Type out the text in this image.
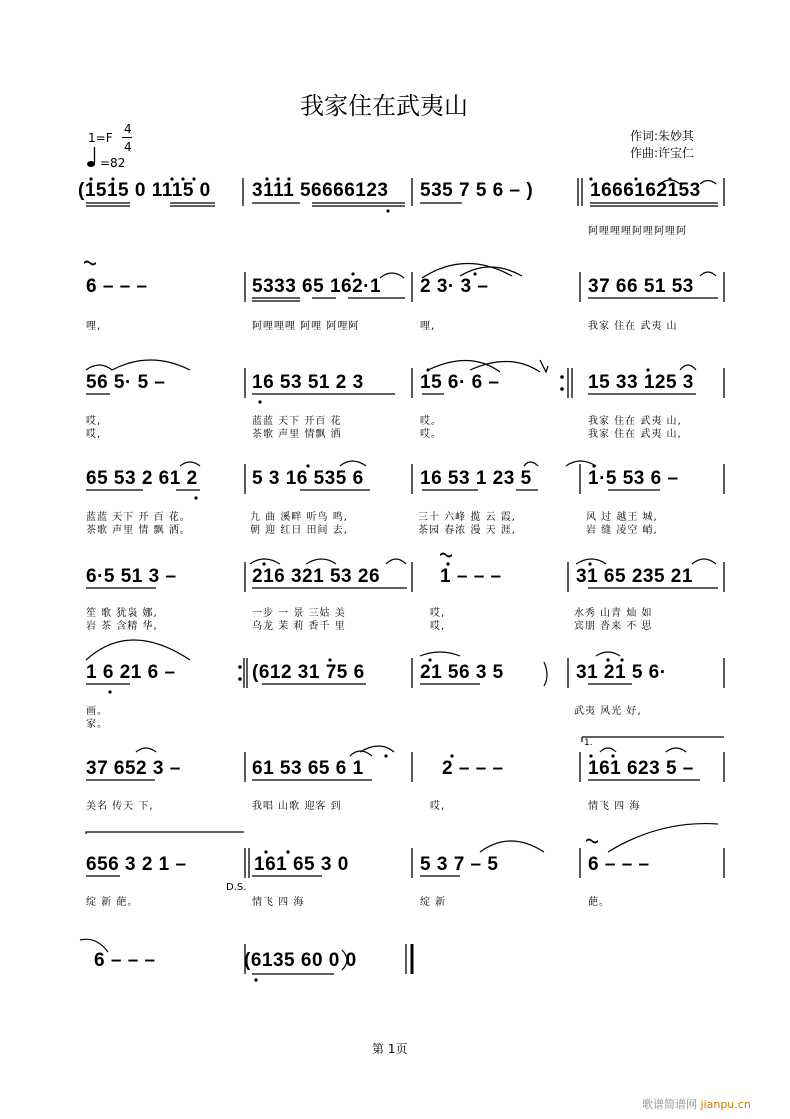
我家住在武夷山
1=F
4
4
=82
作词:朱妙其
作曲:许宝仁
(1515 0 1115 0 3111 56666123 535 7 5 6 – )	1666162153
阿哩哩哩阿哩阿哩阿
6 – – –	5333 65 162·1 2 3· 3 –	37 66 51 53
哩,	阿哩哩哩 阿哩 阿哩阿	哩,	我家 住在 武夷 山
56 5· 5 –	16 53 51 2 3	15 6· 6 –	15 33 125 3
哎,	蓝蓝 天下 开百 花	哎。	我家 住在 武夷 山,
哎,	茶歌 声里 情飘 洒	哎。	我家 住在 武夷 山,
65 53 2 61 2	5 3 16 535 6	16 53 1 23 5	1·5 53 6 –
蓝蓝 天下 开 百 花。	九 曲 溪畔 听鸟 鸣,	三十 六峰 揽 云 霞,	风 过 越王 城,
茶歌 声里 情 飘 洒。	朝 迎 红日 田间 去,	茶园 春浓 漫 天 涯,	岩 缝 凌空 峭,
6·5 51 3 –	216 321 53 26	1 – – –	31 65 235 21
笙 歌 犹袅 娜,	一步 一 景 三姑 美	哎,	水秀 山青 灿 如
岩 茶 含精 华,	乌龙 茉 莉 香千 里	哎,	宾朋 沓来 不 思
1 6 21 6 –	(612 31 75 6	21 56 3 5	31 21 5 6·
画。	武夷 风光 好,
家。
1.
37 652 3 –	61 53 65 6 1	2 – – –	161 623 5 –
美名 传天 下,	我唱 山歌 迎客 到	哎,	情飞 四 海
656 3 2 1 –	161 65 3 0	5 3 7 – 5	6 – – –
D.S.
绽 新 葩。	情飞 四 海	绽 新	葩。
6 – – –	(6135 60 0 0
第 1页
歌谱简谱网 jianpu.cn
